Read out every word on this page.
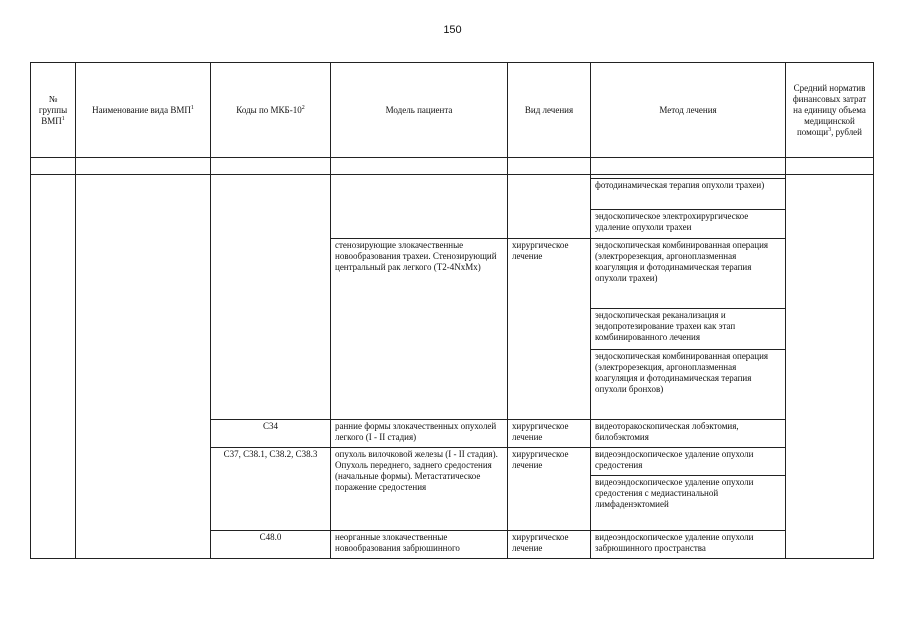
150
№ группы ВМП$^1$	Наименование вида ВМП$^1$	Коды по МКБ-$10^2$	Модель пациента	Вид лечения	Метод лечения	Средний норматив финансовых затрат на единицу объема медицинской помощи$^3$, рублей

					фотодинамическая терапия опухоли трахеи)	
					эндоскопическое электрохирургическое удаление опухоли трахеи	
			стенозирующие злокачественные новообразования трахеи. Стенозирующий центральный рак легкого (T2-4NxMx)	хирургическое лечение	эндоскопическая комбинированная операция (электрорезекция, аргоноплазменная коагуляция и фотодинамическая терапия опухоли трахеи)	
					эндоскопическая реканализация и эндопротезирование трахеи как этап комбинированного лечения	
					эндоскопическая комбинированная операция (электрорезекция, аргоноплазменная коагуляция и фотодинамическая терапия опухоли бронхов)	
		C34	ранние формы злокачественных опухолей легкого (I - II стадия)	хирургическое лечение	видеоторакоскопическая лобэктомия, билобэктомия	
		C37, C38.1, C38.2, C38.3	опухоль вилочковой железы (I - II стадия). Опухоль переднего, заднего средостения (начальные формы). Метастатическое поражение средостения	хирургическое лечение	видеоэндоскопическое удаление опухоли средостения	
					видеоэндоскопическое удаление опухоли средостения с медиастинальной лимфаденэктомией	
		C48.0	неорганные злокачественные новообразования забрюшинного	хирургическое лечение	видеоэндоскопическое удаление опухоли забрюшинного пространства	
